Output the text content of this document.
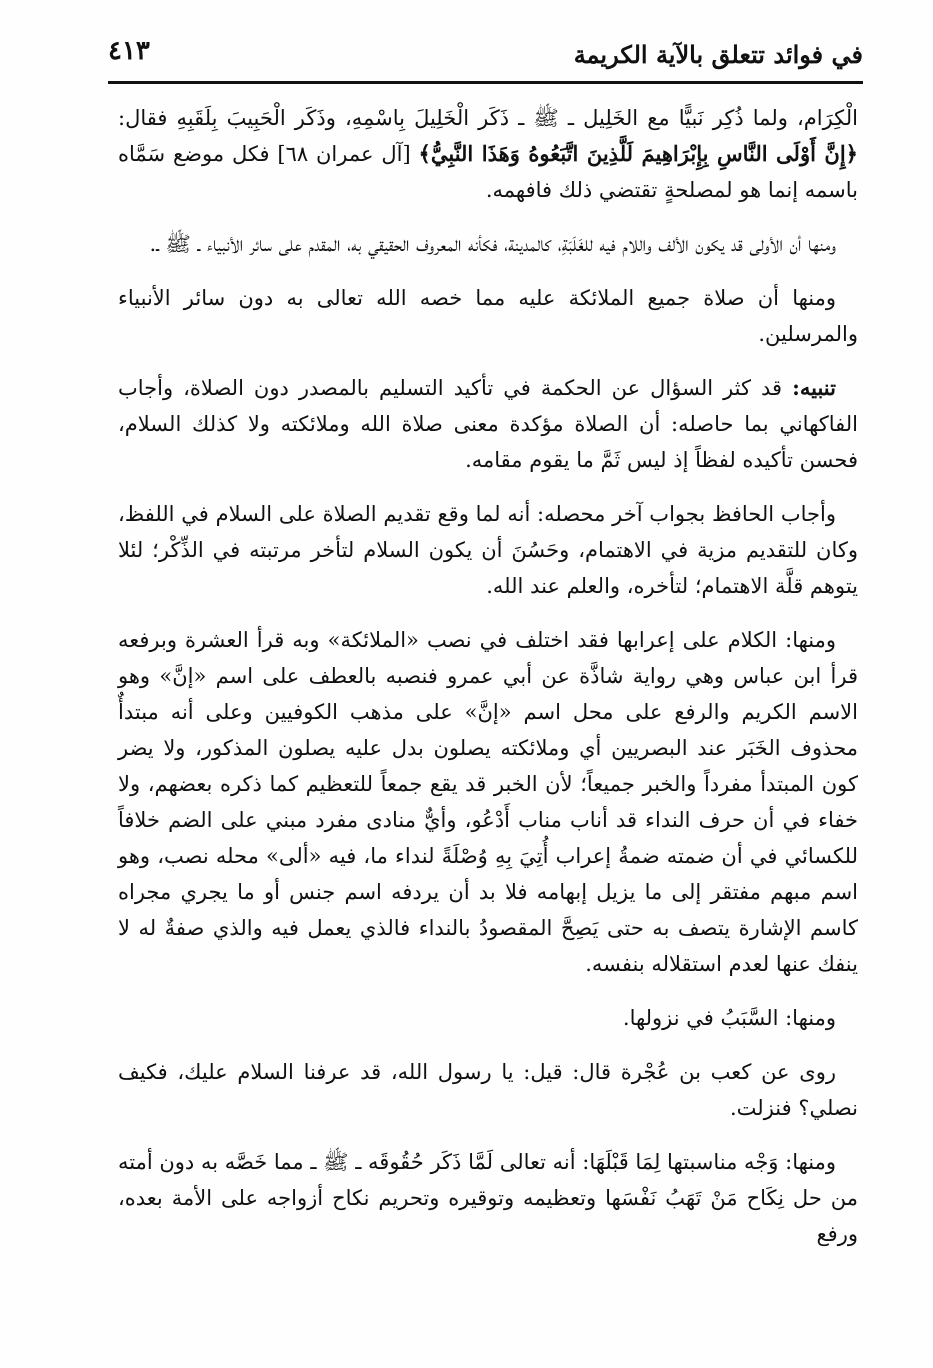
في فوائد تتعلق بالآية الكريمة
٤١٣

الْكِرَام، ولما ذُكِر نَبيًّا مع الخَلِيل ـ ﷺ ـ ذَكَر الْخَلِيلَ بِاسْمِهِ، وذَكَر الْحَبِيبَ بِلَقَبِهِ فقال: ﴿إِنَّ أَوْلَى النَّاسِ بِإِبْرَاهِيمَ لَلَّذِينَ اتَّبَعُوهُ وَهَذَا النَّبِيُّ﴾ [آل عمران ٦٨] فكل موضع سَمَّاه باسمه إنما هو لمصلحةٍ تقتضي ذلك فافهمه.

ومنها أن الأولى قد يكون الألف واللام فيه للغَلَبَةِ، كالمدينة، فكأنه المعروف الحقيقي به، المقدم على سائر الأنبياء ـ ﷺ ـ.

ومنها أن صلاة جميع الملائكة عليه مما خصه الله تعالى به دون سائر الأنبياء والمرسلين.

تنبيه: قد كثر السؤال عن الحكمة في تأكيد التسليم بالمصدر دون الصلاة، وأجاب الفاكهاني بما حاصله: أن الصلاة مؤكدة معنى صلاة الله وملائكته ولا كذلك السلام، فحسن تأكيده لفظاً إذ ليس ثَمَّ ما يقوم مقامه.

وأجاب الحافظ بجواب آخر محصله: أنه لما وقع تقديم الصلاة على السلام في اللفظ، وكان للتقديم مزية في الاهتمام، وحَسُنَ أن يكون السلام لتأخر مرتبته في الذِّكْر؛ لئلا يتوهم قلَّة الاهتمام؛ لتأخره، والعلم عند الله.

ومنها: الكلام على إعرابها فقد اختلف في نصب «الملائكة» وبه قرأ العشرة وبرفعه قرأ ابن عباس وهي رواية شاذَّة عن أبي عمرو فنصبه بالعطف على اسم «إنَّ» وهو الاسم الكريم والرفع على محل اسم «إنَّ» على مذهب الكوفيين وعلى أنه مبتدأٌ محذوف الخَبَر عند البصريين أي وملائكته يصلون بدل عليه يصلون المذكور، ولا يضر كون المبتدأ مفرداً والخبر جميعاً؛ لأن الخبر قد يقع جمعاً للتعظيم كما ذكره بعضهم، ولا خفاء في أن حرف النداء قد أناب مناب أَدْعُو، وأيٌّ منادى مفرد مبني على الضم خلافاً للكسائي في أن ضمته ضمةُ إعراب أُتِيَ بِهِ وُصْلَةً لنداء ما، فيه «ألى» محله نصب، وهو اسم مبهم مفتقر إلى ما يزيل إبهامه فلا بد أن يردفه اسم جنس أو ما يجري مجراه كاسم الإشارة يتصف به حتى يَصِحَّ المقصودُ بالنداء فالذي يعمل فيه والذي صفةٌ له لا ينفك عنها لعدم استقلاله بنفسه.

ومنها: السَّبَبُ في نزولها.

روى عن كعب بن عُجْرة قال: قيل: يا رسول الله، قد عرفنا السلام عليك، فكيف نصلي؟ فنزلت.

ومنها: وَجْه مناسبتها لِمَا قَبْلَهَا: أنه تعالى لَمَّا ذَكَر حُقُوقَه ـ ﷺ ـ مما خَصَّه به دون أمته من حل نِكَاح مَنْ تَهَبُ نَفْسَها وتعظيمه وتوقيره وتحريم نكاح أزواجه على الأمة بعده، ورفع
